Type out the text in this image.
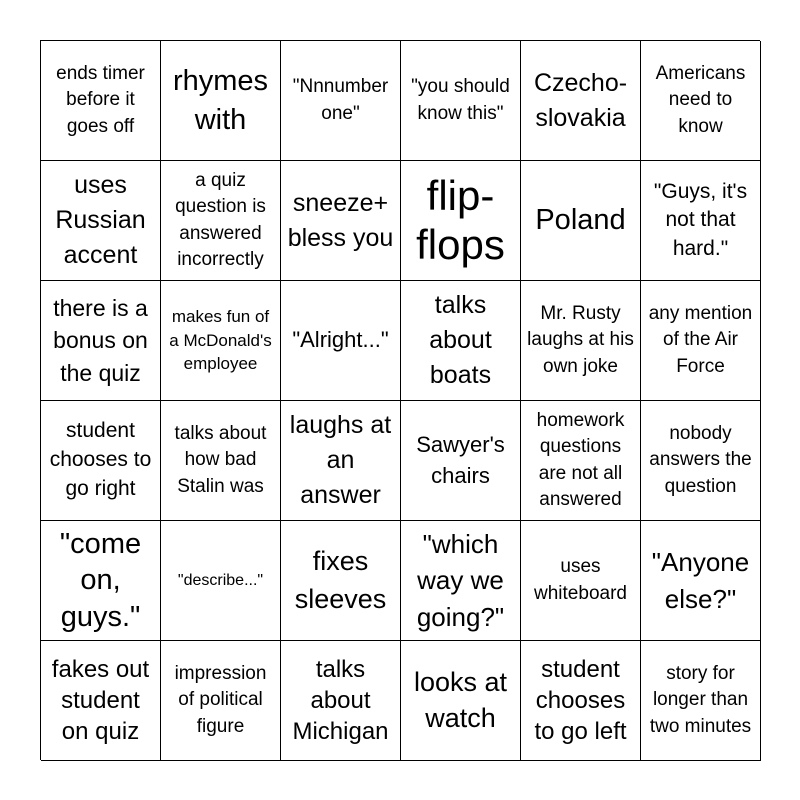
ends timer before it goes off
rhymes with
"Nnnumber one"
"you should know this"
Czecho-slovakia
Americans need to know
uses Russian accent
a quiz question is answered incorrectly
sneeze+ bless you
flip-flops
Poland
"Guys, it's not that hard."
there is a bonus on the quiz
makes fun of a McDonald's employee
"Alright..."
talks about boats
Mr. Rusty laughs at his own joke
any mention of the Air Force
student chooses to go right
talks about how bad Stalin was
laughs at an answer
Sawyer's chairs
homework questions are not all answered
nobody answers the question
"come on, guys."
"describe..."
fixes sleeves
"which way we going?"
uses whiteboard
"Anyone else?"
fakes out student on quiz
impression of political figure
talks about Michigan
looks at watch
student chooses to go left
story for longer than two minutes
